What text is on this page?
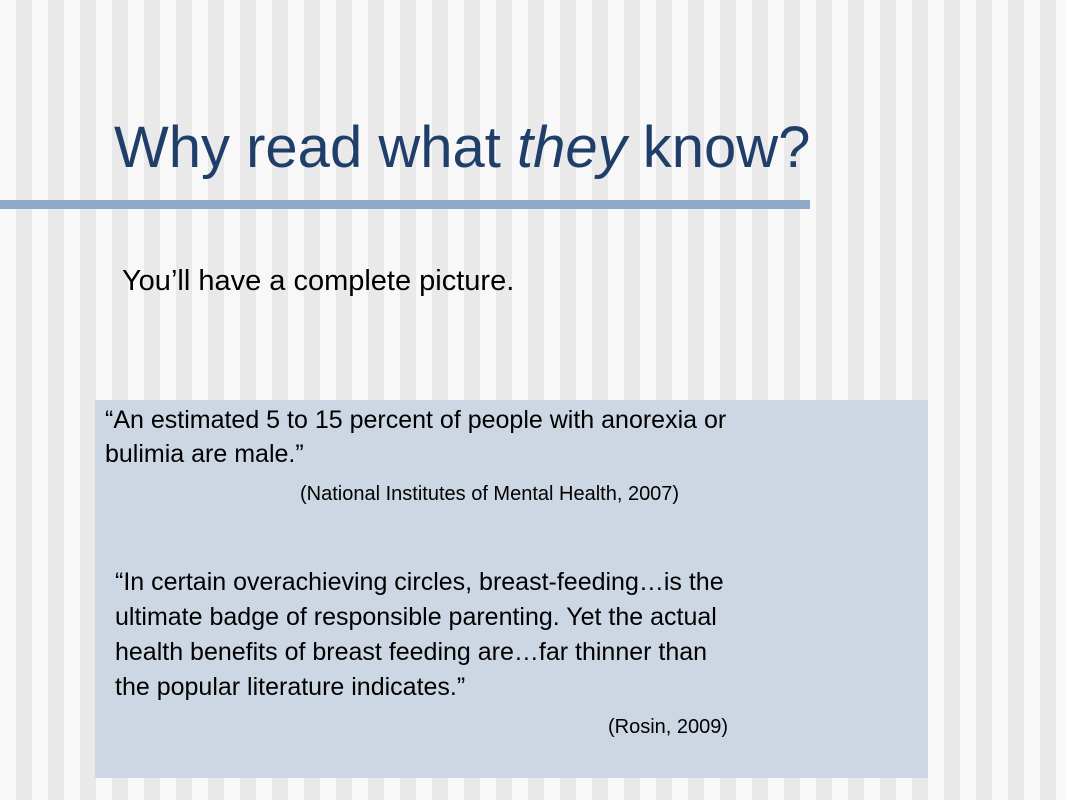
Why read what they know?
You’ll have a complete picture.
“An estimated 5 to 15 percent of people with anorexia or
bulimia are male.”
(National Institutes of Mental Health, 2007)
“In certain overachieving circles, breast-feeding…is the
ultimate badge of responsible parenting. Yet the actual
health benefits of breast feeding are…far thinner than
the popular literature indicates.”
(Rosin, 2009)
